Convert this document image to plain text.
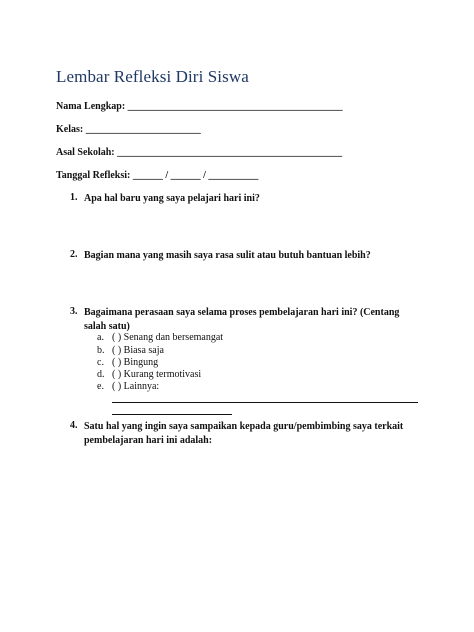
Lembar Refleksi Diri Siswa
Nama Lengkap: ___________________________________________
Kelas: _______________________
Asal Sekolah: _____________________________________________
Tanggal Refleksi: ______ / ______ / __________
1. Apa hal baru yang saya pelajari hari ini?
2. Bagian mana yang masih saya rasa sulit atau butuh bantuan lebih?
3. Bagaimana perasaan saya selama proses pembelajaran hari ini? (Centang salah satu)
a. ( ) Senang dan bersemangat
b. ( ) Biasa saja
c. ( ) Bingung
d. ( ) Kurang termotivasi
e. ( ) Lainnya:
4. Satu hal yang ingin saya sampaikan kepada guru/pembimbing saya terkait pembelajaran hari ini adalah:
